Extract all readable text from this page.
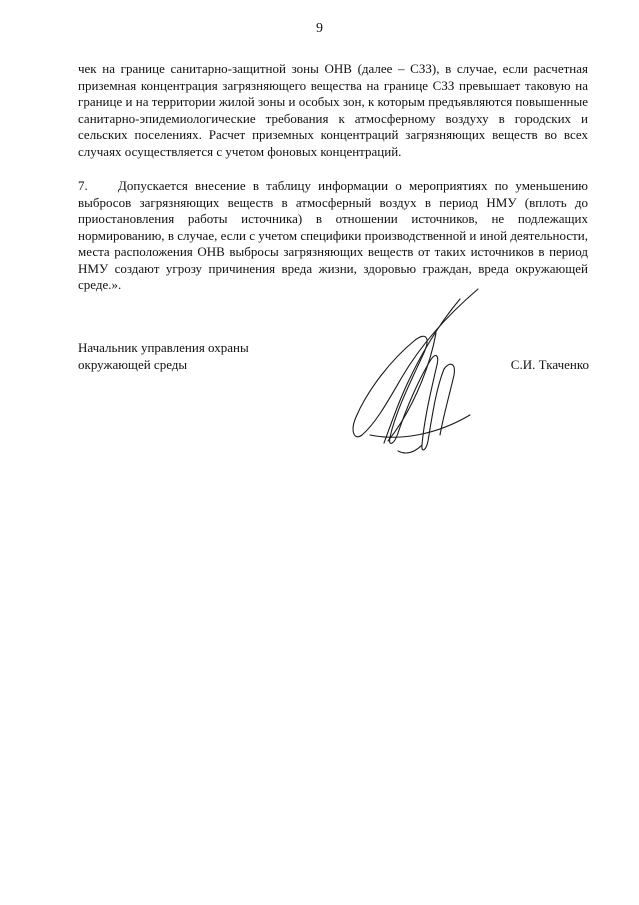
9
чек на границе санитарно-защитной зоны ОНВ (далее – СЗЗ), в случае, если расчетная приземная концентрация загрязняющего вещества на границе СЗЗ превышает таковую на границе и на территории жилой зоны и особых зон, к которым предъявляются повышенные санитарно-эпидемиологические требования к атмосферному воздуху в городских и сельских поселениях. Расчет приземных концентраций загрязняющих веществ во всех случаях осуществляется с учетом фоновых концентраций.
7. Допускается внесение в таблицу информации о мероприятиях по уменьшению выбросов загрязняющих веществ в атмосферный воздух в период НМУ (вплоть до приостановления работы источника) в отношении источников, не подлежащих нормированию, в случае, если с учетом специфики производственной и иной деятельности, места расположения ОНВ выбросы загрязняющих веществ от таких источников в период НМУ создают угрозу причинения вреда жизни, здоровью граждан, вреда окружающей среде.».
Начальник управления охраны
окружающей среды	С.И. Ткаченко
